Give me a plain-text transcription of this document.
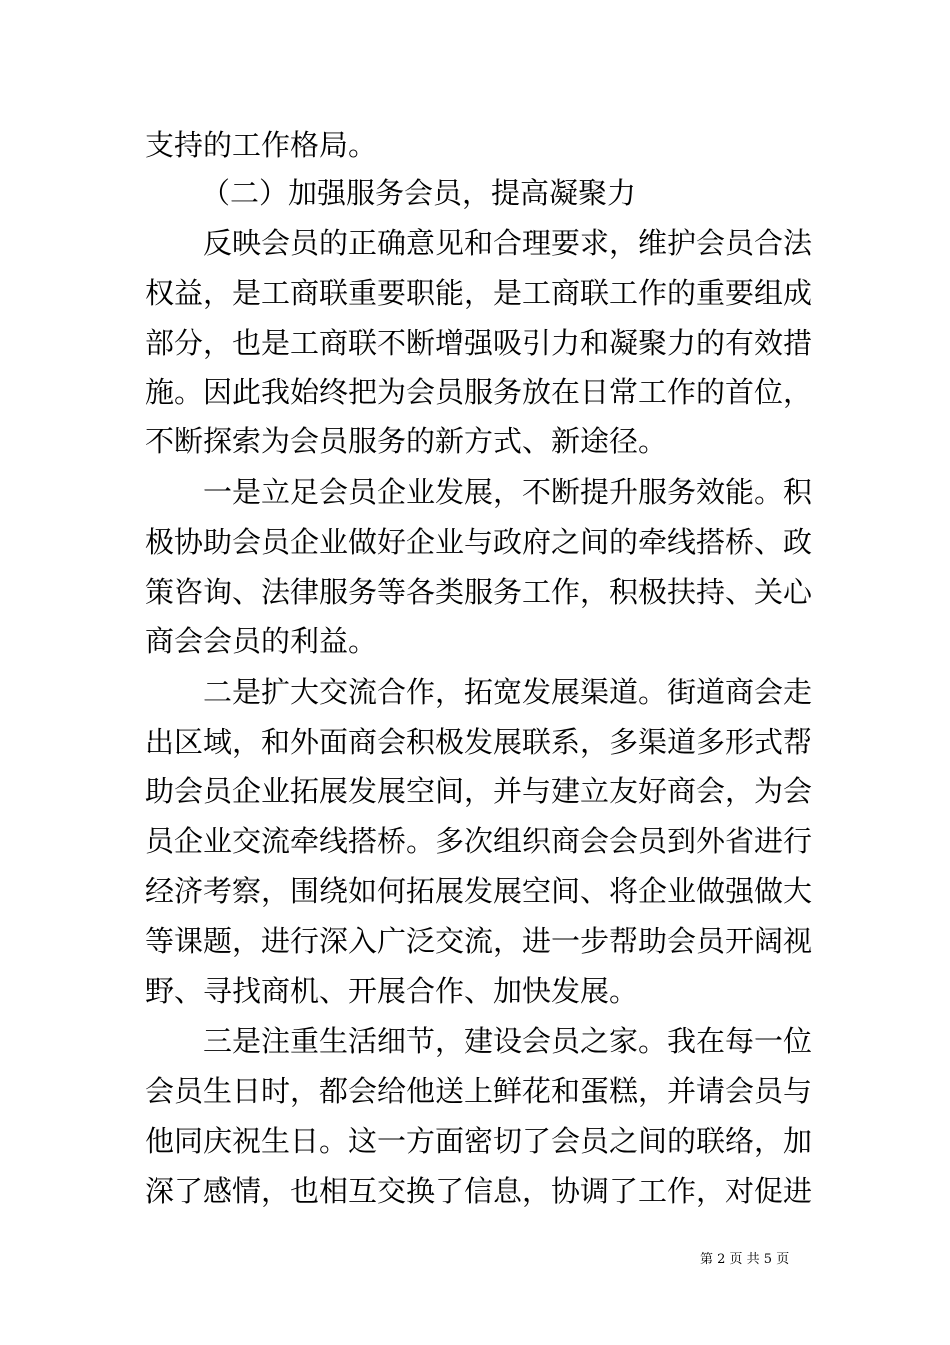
支持的工作格局。
（二）加强服务会员，提高凝聚力
反映会员的正确意见和合理要求，维护会员合法
权益，是工商联重要职能，是工商联工作的重要组成
部分，也是工商联不断增强吸引力和凝聚力的有效措
施。因此我始终把为会员服务放在日常工作的首位，
不断探索为会员服务的新方式、新途径。
一是立足会员企业发展，不断提升服务效能。积
极协助会员企业做好企业与政府之间的牵线搭桥、政
策咨询、法律服务等各类服务工作，积极扶持、关心
商会会员的利益。
二是扩大交流合作，拓宽发展渠道。街道商会走
出区域，和外面商会积极发展联系，多渠道多形式帮
助会员企业拓展发展空间，并与建立友好商会，为会
员企业交流牵线搭桥。多次组织商会会员到外省进行
经济考察，围绕如何拓展发展空间、将企业做强做大
等课题，进行深入广泛交流，进一步帮助会员开阔视
野、寻找商机、开展合作、加快发展。
三是注重生活细节，建设会员之家。我在每一位
会员生日时，都会给他送上鲜花和蛋糕，并请会员与
他同庆祝生日。这一方面密切了会员之间的联络，加
深了感情，也相互交换了信息，协调了工作，对促进
第 2 页 共 5 页
